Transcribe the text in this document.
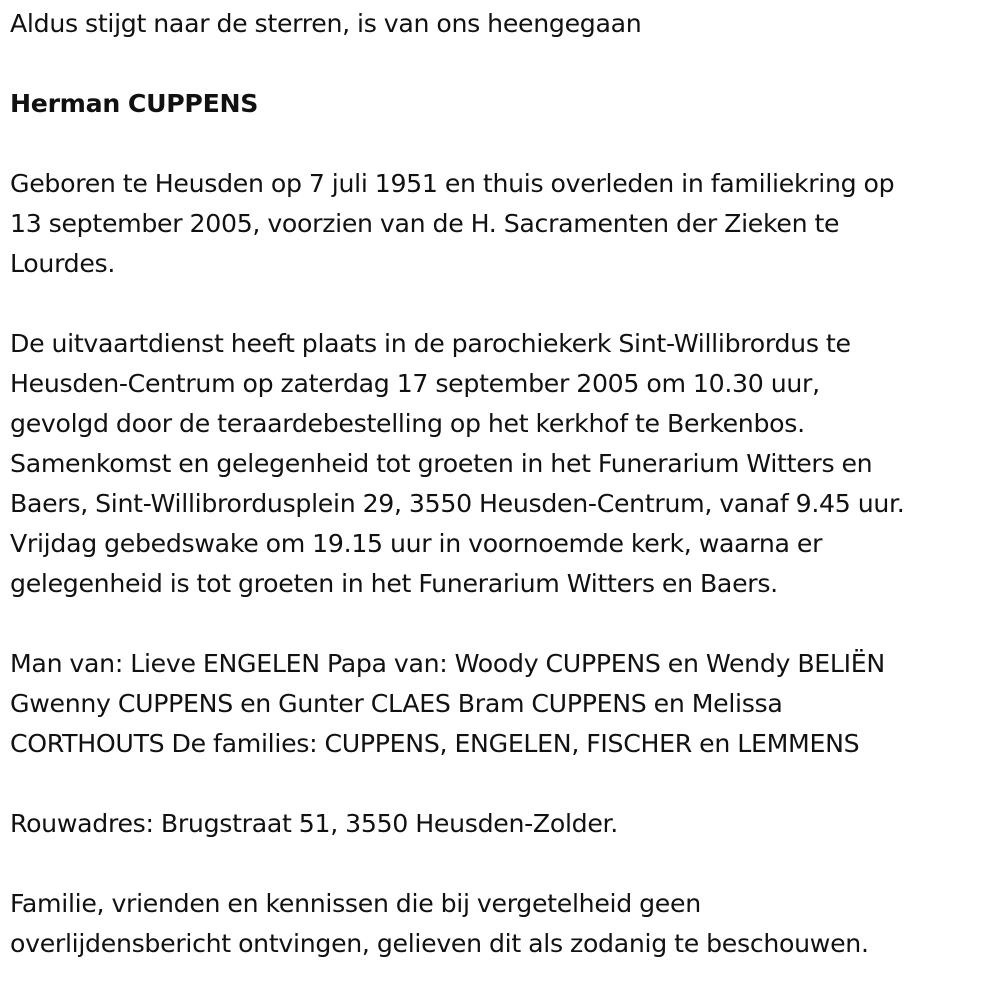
Aldus stijgt naar de sterren, is van ons heengegaan

Herman CUPPENS

Geboren te Heusden op 7 juli 1951 en thuis overleden in familiekring op
13 september 2005, voorzien van de H. Sacramenten der Zieken te
Lourdes.

De uitvaartdienst heeft plaats in de parochiekerk Sint-Willibrordus te
Heusden-Centrum op zaterdag 17 september 2005 om 10.30 uur,
gevolgd door de teraardebestelling op het kerkhof te Berkenbos.
Samenkomst en gelegenheid tot groeten in het Funerarium Witters en
Baers, Sint-Willibrordusplein 29, 3550 Heusden-Centrum, vanaf 9.45 uur.
Vrijdag gebedswake om 19.15 uur in voornoemde kerk, waarna er
gelegenheid is tot groeten in het Funerarium Witters en Baers.

Man van: Lieve ENGELEN Papa van: Woody CUPPENS en Wendy BELIËN
Gwenny CUPPENS en Gunter CLAES Bram CUPPENS en Melissa
CORTHOUTS De families: CUPPENS, ENGELEN, FISCHER en LEMMENS

Rouwadres: Brugstraat 51, 3550 Heusden-Zolder.

Familie, vrienden en kennissen die bij vergetelheid geen
overlijdensbericht ontvingen, gelieven dit als zodanig te beschouwen.
